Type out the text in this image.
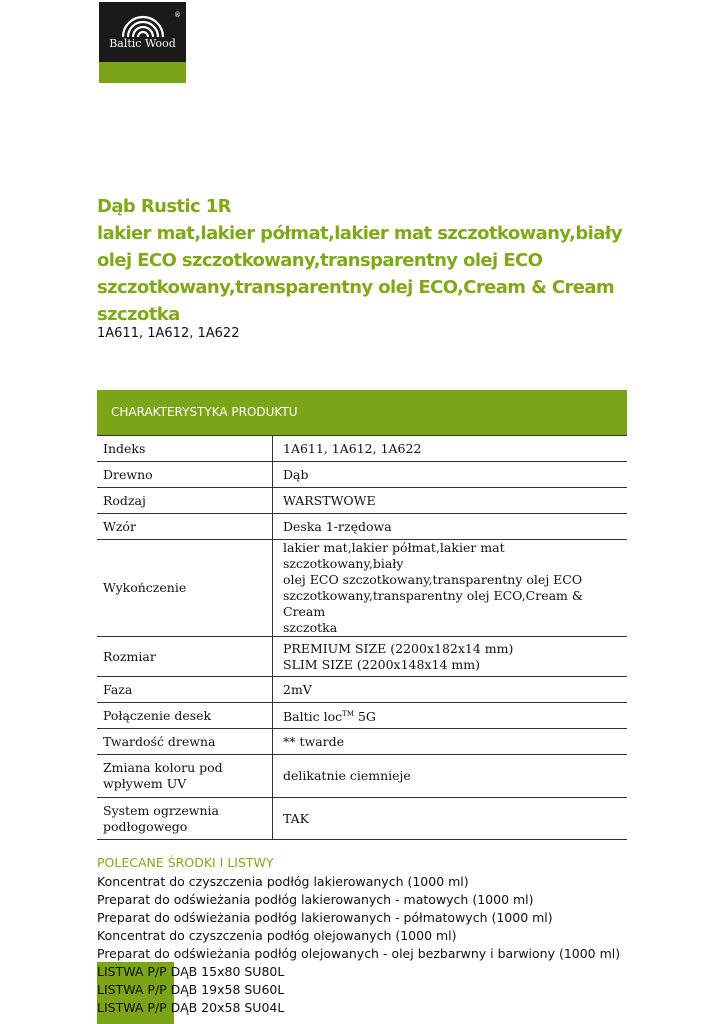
®
Baltic Wood
Dąb Rustic 1R
lakier mat,lakier półmat,lakier mat szczotkowany,biały
olej ECO szczotkowany,transparentny olej ECO
szczotkowany,transparentny olej ECO,Cream & Cream
szczotka
1A611, 1A612, 1A622
CHARAKTERYSTYKA PRODUKTU
Indeks	1A611, 1A612, 1A622
Drewno	Dąb
Rodzaj	WARSTWOWE
Wzór	Deska 1-rzędowa
Wykończenie	lakier mat,lakier półmat,lakier mat szczotkowany,biały
olej ECO szczotkowany,transparentny olej ECO
szczotkowany,transparentny olej ECO,Cream & Cream
szczotka

Rozmiar	PREMIUM SIZE (2200x182x14 mm)
SLIM SIZE (2200x148x14 mm)

Faza	2mV
Połączenie desek	Baltic loc™ 5G
Twardość drewna	** twarde

Zmiana koloru pod
wpływem UV	delikatnie ciemnieje

System ogrzewnia
podłogowego	TAK
POLECANE ŚRODKI I LISTWY
Koncentrat do czyszczenia podłóg lakierowanych (1000 ml)
Preparat do odświeżania podłóg lakierowanych - matowych (1000 ml)
Preparat do odświeżania podłóg lakierowanych - półmatowych (1000 ml)
Koncentrat do czyszczenia podłóg olejowanych (1000 ml)
Preparat do odświeżania podłóg olejowanych - olej bezbarwny i barwiony (1000 ml)
LISTWA P/P DĄB 15x80 SU80L
LISTWA P/P DĄB 19x58 SU60L
LISTWA P/P DĄB 20x58 SU04L
